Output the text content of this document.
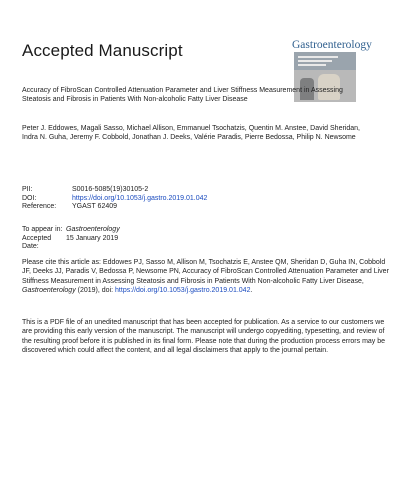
Accepted Manuscript	Gastroenterology
Accuracy of FibroScan Controlled Attenuation Parameter and Liver Stiffness Measurement in Assessing Steatosis and Fibrosis in Patients With Non-alcoholic Fatty Liver Disease
Peter J. Eddowes, Magali Sasso, Michael Allison, Emmanuel Tsochatzis, Quentin M. Anstee, David Sheridan, Indra N. Guha, Jeremy F. Cobbold, Jonathan J. Deeks, Valérie Paradis, Pierre Bedossa, Philip N. Newsome
PII:	S0016-5085(19)30105-2
DOI:	https://doi.org/10.1053/j.gastro.2019.01.042
Reference:	YGAST 62409
To appear in: Gastroenterology
Accepted Date:
15 January 2019
Please cite this article as: Eddowes PJ, Sasso M, Allison M, Tsochatzis E, Anstee QM, Sheridan D, Guha IN, Cobbold JF, Deeks JJ, Paradis V, Bedossa P, Newsome PN, Accuracy of FibroScan Controlled Attenuation Parameter and Liver Stiffness Measurement in Assessing Steatosis and Fibrosis in Patients With Non-alcoholic Fatty Liver Disease, Gastroenterology (2019), doi: https://doi.org/10.1053/j.gastro.2019.01.042.
This is a PDF file of an unedited manuscript that has been accepted for publication. As a service to our customers we are providing this early version of the manuscript. The manuscript will undergo copyediting, typesetting, and review of the resulting proof before it is published in its final form. Please note that during the production process errors may be discovered which could affect the content, and all legal disclaimers that apply to the journal pertain.
